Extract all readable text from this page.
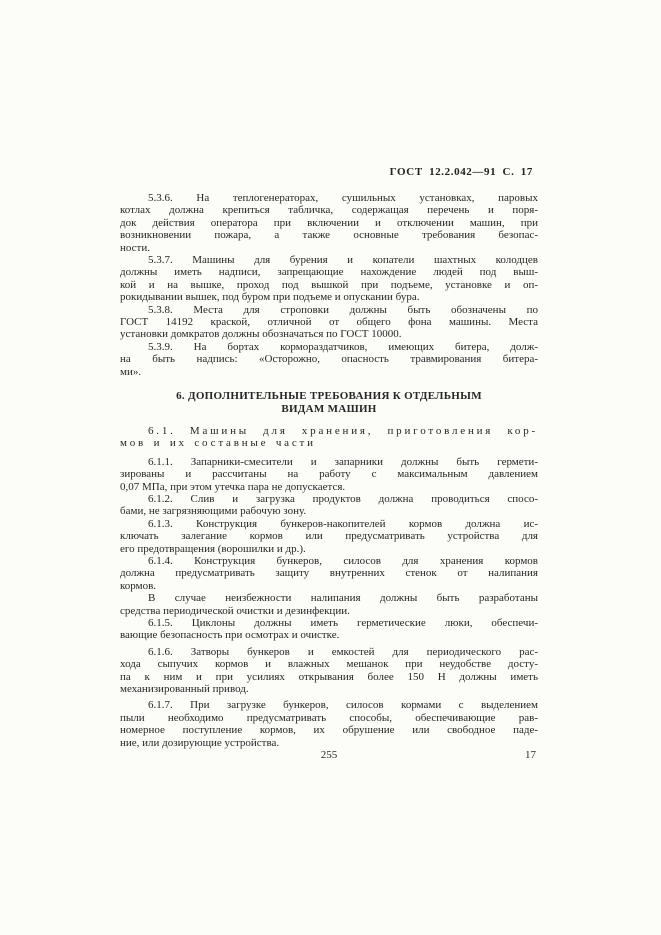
ГОСТ 12.2.042—91 С. 17
5.3.6. На теплогенераторах, сушильных установках, паровых
котлах должна крепиться табличка, содержащая перечень и поря-
док действия оператора при включении и отключении машин, при
возникновении пожара, а также основные требования безопас-
ности.
5.3.7. Машины для бурения и копатели шахтных колодцев
должны иметь надписи, запрещающие нахождение людей под выш-
кой и на вышке, проход под вышкой при подъеме, установке и оп-
рокидывании вышек, под буром при подъеме и опускании бура.
5.3.8. Места для строповки должны быть обозначены по
ГОСТ 14192 краской, отличной от общего фона машины. Места
установки домкратов должны обозначаться по ГОСТ 10000.
5.3.9. На бортах кормораздатчиков, имеющих битера, долж-
на быть надпись: «Осторожно, опасность травмирования битера-
ми».
6. ДОПОЛНИТЕЛЬНЫЕ ТРЕБОВАНИЯ К ОТДЕЛЬНЫМ
ВИДАМ МАШИН
6.1. Машины для хранения, приготовления кор-
мов и их составные части
6.1.1. Запарники-смесители и запарники должны быть гермети-
зированы и рассчитаны на работу с максимальным давлением
0,07 МПа, при этом утечка пара не допускается.
6.1.2. Слив и загрузка продуктов должна проводиться спосо-
бами, не загрязняющими рабочую зону.
6.1.3. Конструкция бункеров-накопителей кормов должна ис-
ключать залегание кормов или предусматривать устройства для
его предотвращения (ворошилки и др.).
6.1.4. Конструкция бункеров, силосов для хранения кормов
должна предусматривать защиту внутренних стенок от налипания
кормов.
В случае неизбежности налипания должны быть разработаны
средства периодической очистки и дезинфекции.
6.1.5. Циклоны должны иметь герметические люки, обеспечи-
вающие безопасность при осмотрах и очистке.
6.1.6. Затворы бункеров и емкостей для периодического рас-
хода сыпучих кормов и влажных мешанок при неудобстве досту-
па к ним и при усилиях открывания более 150 Н должны иметь
механизированный привод.
6.1.7. При загрузке бункеров, силосов кормами с выделением
пыли необходимо предусматривать способы, обеспечивающие рав-
номерное поступление кормов, их обрушение или свободное паде-
ние, или дозирующие устройства.
255	17
